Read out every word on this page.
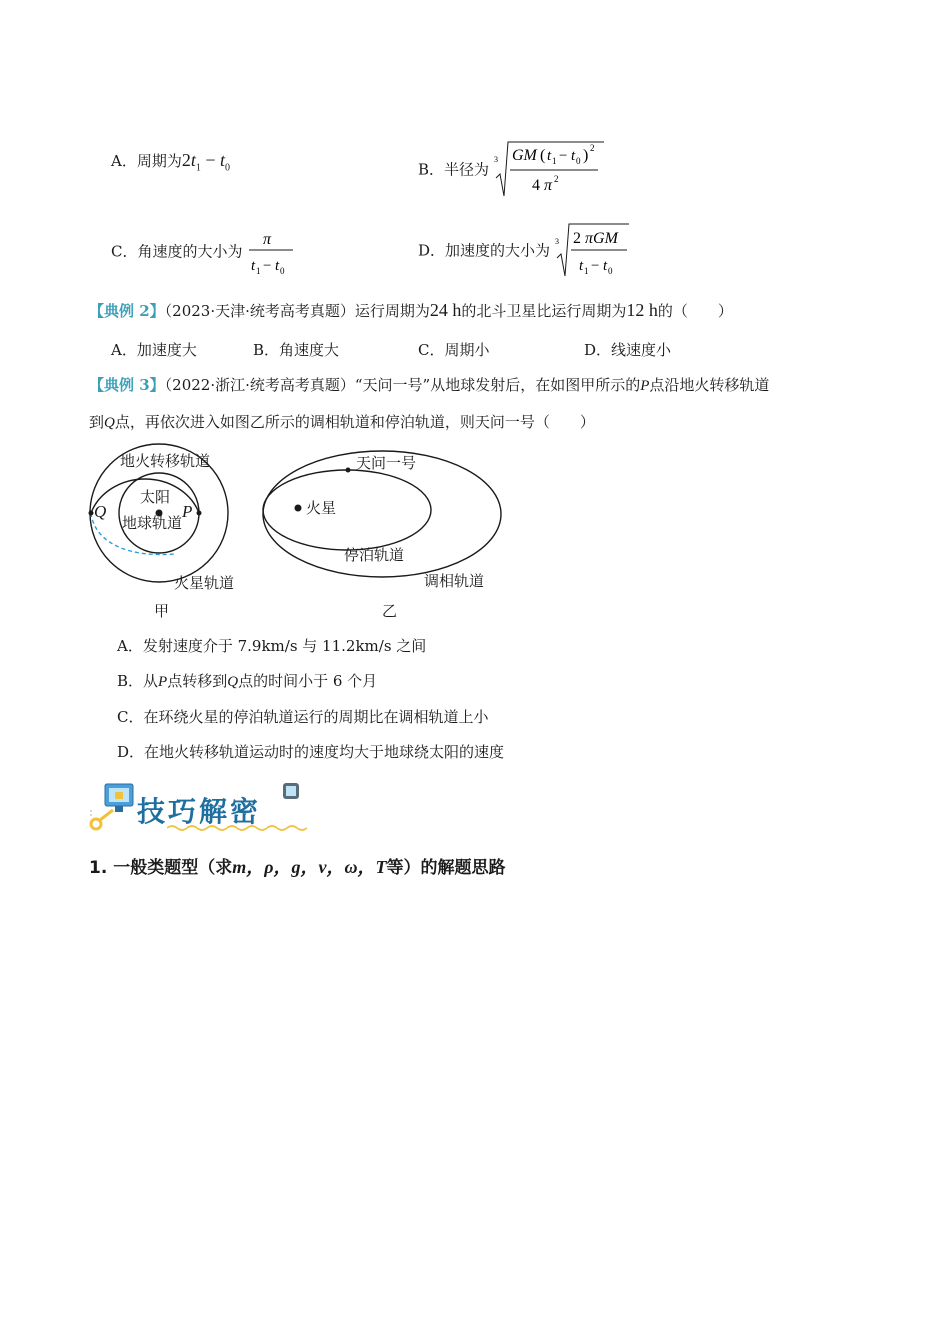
A．周期为$2t_1 - t_0$	B．半径为
3 GM ( t 1 − t 0 ) 2
4 π 2
C．角速度的大小为
π
t 1 − t 0
D．加速度的大小为 3 2 πGM
t 1 − t 0
【典例 2】（2023·天津·统考高考真题）运行周期为24 h的北斗卫星比运行周期为12 h的（　　）
A．加速度大	B．角速度大	C．周期小	D．线速度小
【典例 3】（2022·浙江·统考高考真题）“天问一号”从地球发射后，在如图甲所示的P点沿地火转移轨道
到Q点，再依次进入如图乙所示的调相轨道和停泊轨道，则天问一号（　　）
地火转移轨道
太阳
地球轨道
火星轨道
Q	P
甲
天问一号
火星
停泊轨道
调相轨道
乙
A．发射速度介于 7.9km/s 与 11.2km/s 之间
B．从P点转移到Q点的时间小于 6 个月
C．在环绕火星的停泊轨道运行的周期比在调相轨道上小
D．在地火转移轨道运动时的速度均大于地球绕太阳的速度
技巧解密
1. 一般类题型（求m，ρ，g，v，ω，T等）的解题思路
